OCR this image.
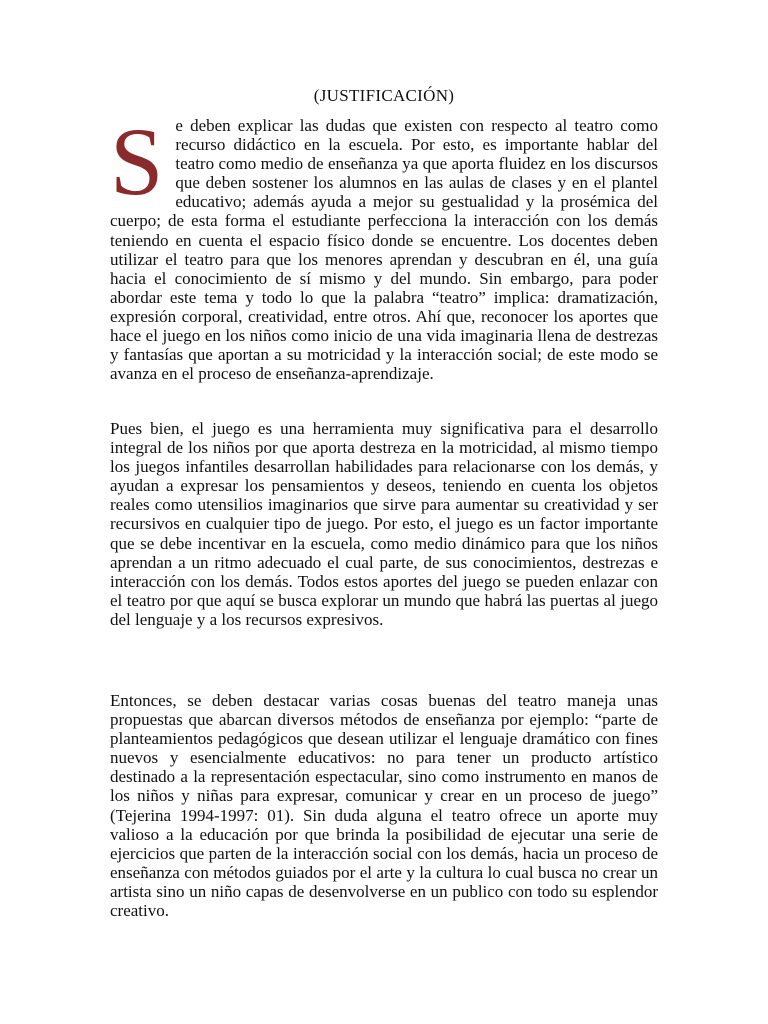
(JUSTIFICACIÓN)

Se deben explicar las dudas que existen con respecto al teatro como recurso didáctico en la escuela. Por esto, es importante hablar del teatro como medio de enseñanza ya que aporta fluidez en los discursos que deben sostener los alumnos en las aulas de clases y en el plantel educativo; además ayuda a mejor su gestualidad y la prosémica del cuerpo; de esta forma el estudiante perfecciona la interacción con los demás teniendo en cuenta el espacio físico donde se encuentre. Los docentes deben utilizar el teatro para que los menores aprendan y descubran en él, una guía hacia el conocimiento de sí mismo y del mundo. Sin embargo, para poder abordar este tema y todo lo que la palabra “teatro” implica: dramatización, expresión corporal, creatividad, entre otros. Ahí que, reconocer los aportes que hace el juego en los niños como inicio de una vida imaginaria llena de destrezas y fantasías que aportan a su motricidad y la interacción social; de este modo se avanza en el proceso de enseñanza-aprendizaje.

Pues bien, el juego es una herramienta muy significativa para el desarrollo integral de los niños por que aporta destreza en la motricidad, al mismo tiempo los juegos infantiles desarrollan habilidades para relacionarse con los demás, y ayudan a expresar los pensamientos y deseos, teniendo en cuenta los objetos reales como utensilios imaginarios que sirve para aumentar su creatividad y ser recursivos en cualquier tipo de juego. Por esto, el juego es un factor importante que se debe incentivar en la escuela, como medio dinámico para que los niños aprendan a un ritmo adecuado el cual parte, de sus conocimientos, destrezas e interacción con los demás. Todos estos aportes del juego se pueden enlazar con el teatro por que aquí se busca explorar un mundo que habrá las puertas al juego del lenguaje y a los recursos expresivos.

Entonces, se deben destacar varias cosas buenas del teatro maneja unas propuestas que abarcan diversos métodos de enseñanza por ejemplo: “parte de planteamientos pedagógicos que desean utilizar el lenguaje dramático con fines nuevos y esencialmente educativos: no para tener un producto artístico destinado a la representación espectacular, sino como instrumento en manos de los niños y niñas para expresar, comunicar y crear en un proceso de juego” (Tejerina 1994-1997: 01). Sin duda alguna el teatro ofrece un aporte muy valioso a la educación por que brinda la posibilidad de ejecutar una serie de ejercicios que parten de la interacción social con los demás, hacia un proceso de enseñanza con métodos guiados por el arte y la cultura lo cual busca no crear un artista sino un niño capas de desenvolverse en un publico con todo su esplendor creativo.
